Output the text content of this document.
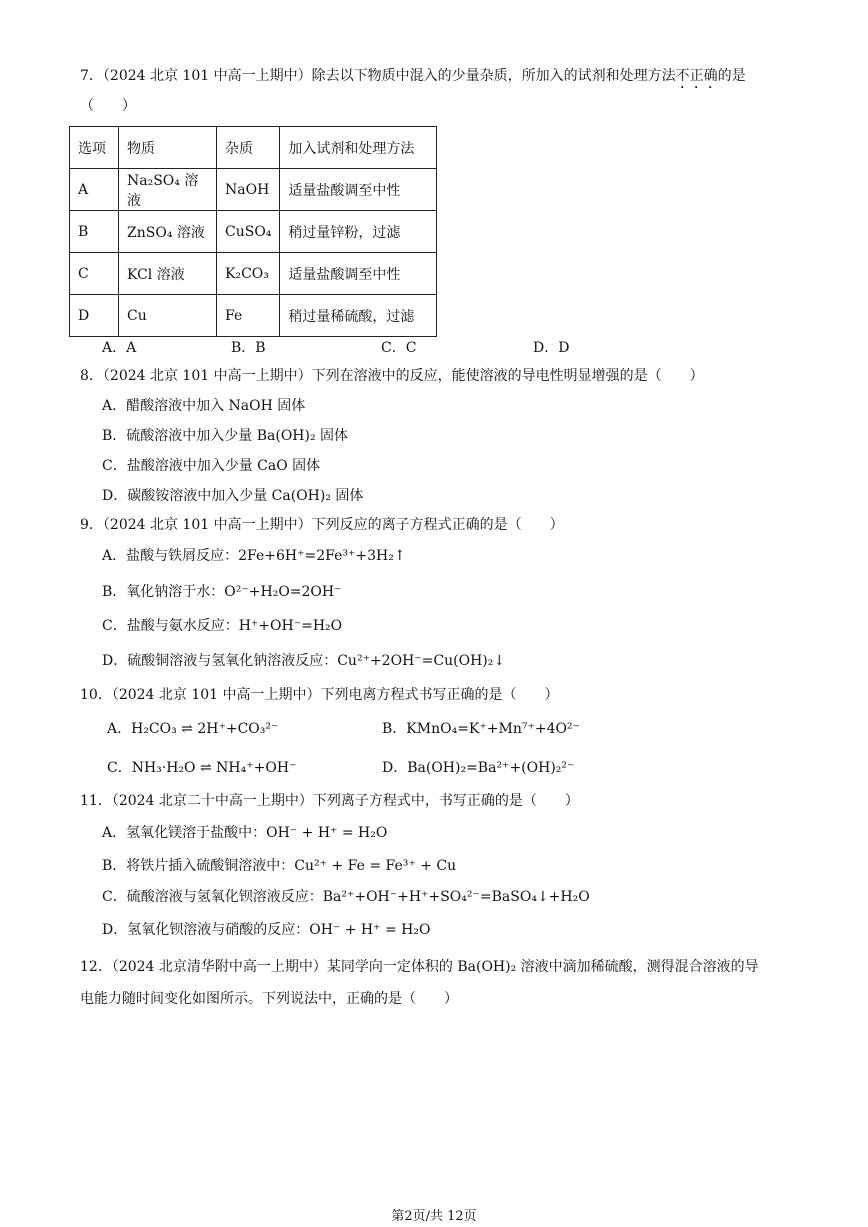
7．（2024 北京 101 中高一上期中）除去以下物质中混入的少量杂质，所加入的试剂和处理方法不正确的是
（　　）
选项	物质	杂质	加入试剂和处理方法
A	Na₂SO₄ 溶液	NaOH	适量盐酸调至中性
B	ZnSO₄ 溶液	CuSO₄	稍过量锌粉，过滤
C	KCl 溶液	K₂CO₃	适量盐酸调至中性
D	Cu	Fe	稍过量稀硫酸，过滤
A．A	B．B	C．C	D．D
8．（2024 北京 101 中高一上期中）下列在溶液中的反应，能使溶液的导电性明显增强的是（　　）
A．醋酸溶液中加入 NaOH 固体
B．硫酸溶液中加入少量 Ba(OH)₂ 固体
C．盐酸溶液中加入少量 CaO 固体
D．碳酸铵溶液中加入少量 Ca(OH)₂ 固体
9．（2024 北京 101 中高一上期中）下列反应的离子方程式正确的是（　　）
A．盐酸与铁屑反应：2Fe+6H⁺=2Fe³⁺+3H₂↑
B．氧化钠溶于水：O²⁻+H₂O=2OH⁻
C．盐酸与氨水反应：H⁺+OH⁻=H₂O
D．硫酸铜溶液与氢氧化钠溶液反应：Cu²⁺+2OH⁻=Cu(OH)₂↓
10．（2024 北京 101 中高一上期中）下列电离方程式书写正确的是（　　）
A．H₂CO₃ ⇌ 2H⁺+CO₃²⁻	B．KMnO₄=K⁺+Mn⁷⁺+4O²⁻
C．NH₃·H₂O ⇌ NH₄⁺+OH⁻	D．Ba(OH)₂=Ba²⁺+(OH)₂²⁻
11．（2024 北京二十中高一上期中）下列离子方程式中，书写正确的是（　　）
A．氢氧化镁溶于盐酸中：OH⁻ + H⁺ = H₂O
B．将铁片插入硫酸铜溶液中：Cu²⁺ + Fe = Fe³⁺ + Cu
C．硫酸溶液与氢氧化钡溶液反应：Ba²⁺+OH⁻+H⁺+SO₄²⁻=BaSO₄↓+H₂O
D．氢氧化钡溶液与硝酸的反应：OH⁻ + H⁺ = H₂O
12．（2024 北京清华附中高一上期中）某同学向一定体积的 Ba(OH)₂ 溶液中滴加稀硫酸，测得混合溶液的导
电能力随时间变化如图所示。下列说法中，正确的是（　　）
第2页/共 12页
